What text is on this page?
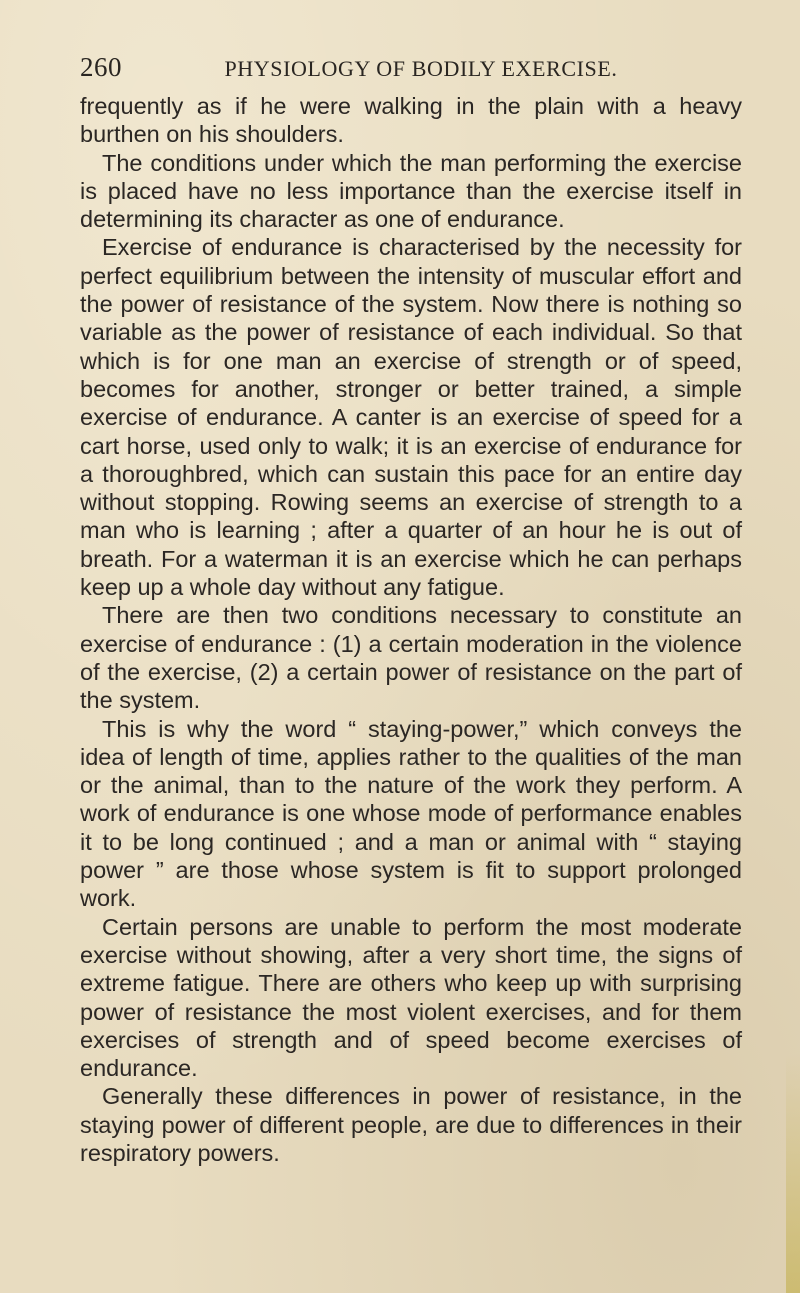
260	PHYSIOLOGY OF BODILY EXERCISE.

frequently as if he were walking in the plain with a heavy burthen on his shoulders.

The conditions under which the man performing the exercise is placed have no less importance than the exercise itself in determining its character as one of endurance.

Exercise of endurance is characterised by the necessity for perfect equilibrium between the intensity of muscular effort and the power of resistance of the system. Now there is nothing so variable as the power of resistance of each individual. So that which is for one man an exercise of strength or of speed, becomes for another, stronger or better trained, a simple exercise of endurance. A canter is an exercise of speed for a cart horse, used only to walk; it is an exercise of endurance for a thoroughbred, which can sustain this pace for an entire day without stopping. Rowing seems an exercise of strength to a man who is learning ; after a quarter of an hour he is out of breath. For a waterman it is an exercise which he can perhaps keep up a whole day without any fatigue.

There are then two conditions necessary to constitute an exercise of endurance : (1) a certain moderation in the violence of the exercise, (2) a certain power of resistance on the part of the system.

This is why the word “ staying-power,” which conveys the idea of length of time, applies rather to the qualities of the man or the animal, than to the nature of the work they perform. A work of endurance is one whose mode of performance enables it to be long continued ; and a man or animal with “ staying power ” are those whose system is fit to support prolonged work.

Certain persons are unable to perform the most moderate exercise without showing, after a very short time, the signs of extreme fatigue. There are others who keep up with surprising power of resistance the most violent exercises, and for them exercises of strength and of speed become exercises of endurance.

Generally these differences in power of resistance, in the staying power of different people, are due to differences in their respiratory powers.
